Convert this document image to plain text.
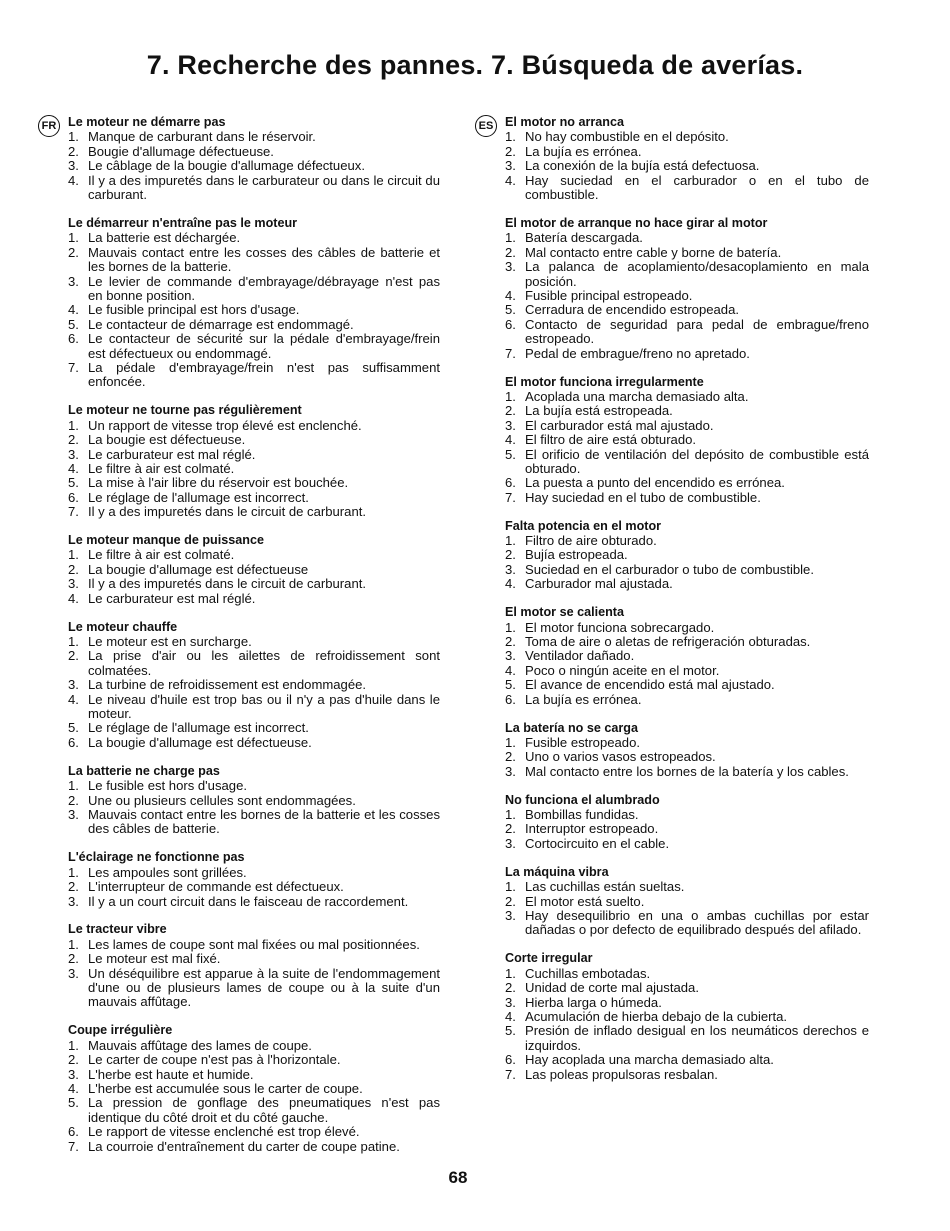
7. Recherche des pannes. 7. Búsqueda de averías.
FR Le moteur ne démarre pas
1. Manque de carburant dans le réservoir.
2. Bougie d'allumage défectueuse.
3. Le câblage de la bougie d'allumage défectueux.
4. Il y a des impuretés dans le carburateur ou dans le circuit du carburant.
Le démarreur n'entraîne pas le moteur
1. La batterie est déchargée.
2. Mauvais contact entre les cosses des câbles de batterie et les bornes de la batterie.
3. Le levier de commande d'embrayage/débrayage n'est pas en bonne position.
4. Le fusible principal est hors d'usage.
5. Le contacteur de démarrage est endommagé.
6. Le contacteur de sécurité sur la pédale d'embrayage/frein est défectueux ou endommagé.
7. La pédale d'embrayage/frein n'est pas suffisamment enfoncée.
Le moteur ne tourne pas régulièrement
1. Un rapport de vitesse trop élevé est enclenché.
2. La bougie est défectueuse.
3. Le carburateur est mal réglé.
4. Le filtre à air est colmaté.
5. La mise à l'air libre du réservoir est bouchée.
6. Le réglage de l'allumage est incorrect.
7. Il y a des impuretés dans le circuit de carburant.
Le moteur manque de puissance
1. Le filtre à air est colmaté.
2. La bougie d'allumage est défectueuse
3. Il y a des impuretés dans le circuit de carburant.
4. Le carburateur est mal réglé.
Le moteur chauffe
1. Le moteur est en surcharge.
2. La prise d'air ou les ailettes de refroidissement sont colmatées.
3. La turbine de refroidissement est endommagée.
4. Le niveau d'huile est trop bas ou il n'y a pas d'huile dans le moteur.
5. Le réglage de l'allumage est incorrect.
6. La bougie d'allumage est défectueuse.
La batterie ne charge pas
1. Le fusible est hors d'usage.
2. Une ou plusieurs cellules sont endommagées.
3. Mauvais contact entre les bornes de la batterie et les cosses des câbles de batterie.
L'éclairage ne fonctionne pas
1. Les ampoules sont grillées.
2. L'interrupteur de commande est défectueux.
3. Il y a un court circuit dans le faisceau de raccordement.
Le tracteur vibre
1. Les lames de coupe sont mal fixées ou mal positionnées.
2. Le moteur est mal fixé.
3. Un déséquilibre est apparue à la suite de l'endommagement d'une ou de plusieurs lames de coupe ou à la suite d'un mauvais affûtage.
Coupe irrégulière
1. Mauvais affûtage des lames de coupe.
2. Le carter de coupe n'est pas à l'horizontale.
3. L'herbe est haute et humide.
4. L'herbe est accumulée sous le carter de coupe.
5. La pression de gonflage des pneumatiques n'est pas identique du côté droit et du côté gauche.
6. Le rapport de vitesse enclenché est trop élevé.
7. La courroie d'entraînement du carter de coupe patine.
ES El motor no arranca
1. No hay combustible en el depósito.
2. La bujía es errónea.
3. La conexión de la bujía está defectuosa.
4. Hay suciedad en el carburador o en el tubo de combustible.
El motor de arranque no hace girar al motor
1. Batería descargada.
2. Mal contacto entre cable y borne de batería.
3. La palanca de acoplamiento/desacoplamiento en mala posición.
4. Fusible principal estropeado.
5. Cerradura de encendido estropeada.
6. Contacto de seguridad para pedal de embrague/freno estropeado.
7. Pedal de embrague/freno no apretado.
El motor funciona irregularmente
1. Acoplada una marcha demasiado alta.
2. La bujía está estropeada.
3. El carburador está mal ajustado.
4. El filtro de aire está obturado.
5. El orificio de ventilación del depósito de combustible está obturado.
6. La puesta a punto del encendido es errónea.
7. Hay suciedad en el tubo de combustible.
Falta potencia en el motor
1. Filtro de aire obturado.
2. Bujía estropeada.
3. Suciedad en el carburador o tubo de combustible.
4. Carburador mal ajustada.
El motor se calienta
1. El motor funciona sobrecargado.
2. Toma de aire o aletas de refrigeración obturadas.
3. Ventilador dañado.
4. Poco o ningún aceite en el motor.
5. El avance de encendido está mal ajustado.
6. La bujía es errónea.
La batería no se carga
1. Fusible estropeado.
2. Uno o varios vasos estropeados.
3. Mal contacto entre los bornes de la batería y los cables.
No funciona el alumbrado
1. Bombillas fundidas.
2. Interruptor estropeado.
3. Cortocircuito en el cable.
La máquina vibra
1. Las cuchillas están sueltas.
2. El motor está suelto.
3. Hay desequilibrio en una o ambas cuchillas por estar dañadas o por defecto de equilibrado después del afilado.
Corte irregular
1. Cuchillas embotadas.
2. Unidad de corte mal ajustada.
3. Hierba larga o húmeda.
4. Acumulación de hierba debajo de la cubierta.
5. Presión de inflado desigual en los neumáticos derechos e izquirdos.
6. Hay acoplada una marcha demasiado alta.
7. Las poleas propulsoras resbalan.
68
